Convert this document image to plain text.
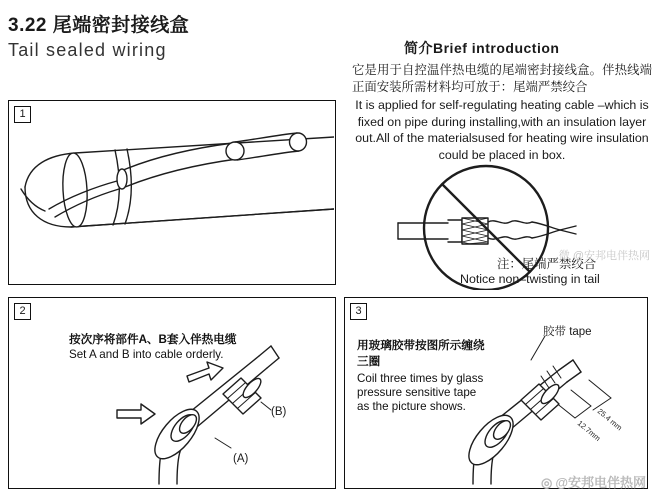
3.22 尾端密封接线盒
Tail sealed wiring	简介Brief introduction
它是用于自控温伴热电缆的尾端密封接线盒。伴热线端正面安装所需材料均可放于：尾端严禁绞合
It is applied for self-regulating heating cable –which is fixed on pipe during installing,with an insulation layer out.All of the materialsused for heating wire insulation could be placed in box.
注：尾端严禁绞合
Notice non–twisting in tail
1
2
按次序将部件A、B套入伴热电缆
Set A and B into cable orderly.
(A)
(B)
3
用玻璃胶带按图所示缠绕三圈
Coil three times by glass pressure sensitive tape as the picture shows.
胶带 tape
12.7mm
25.4 mm
微 @安邦电伴热网
◎ @安邦电伴热网
